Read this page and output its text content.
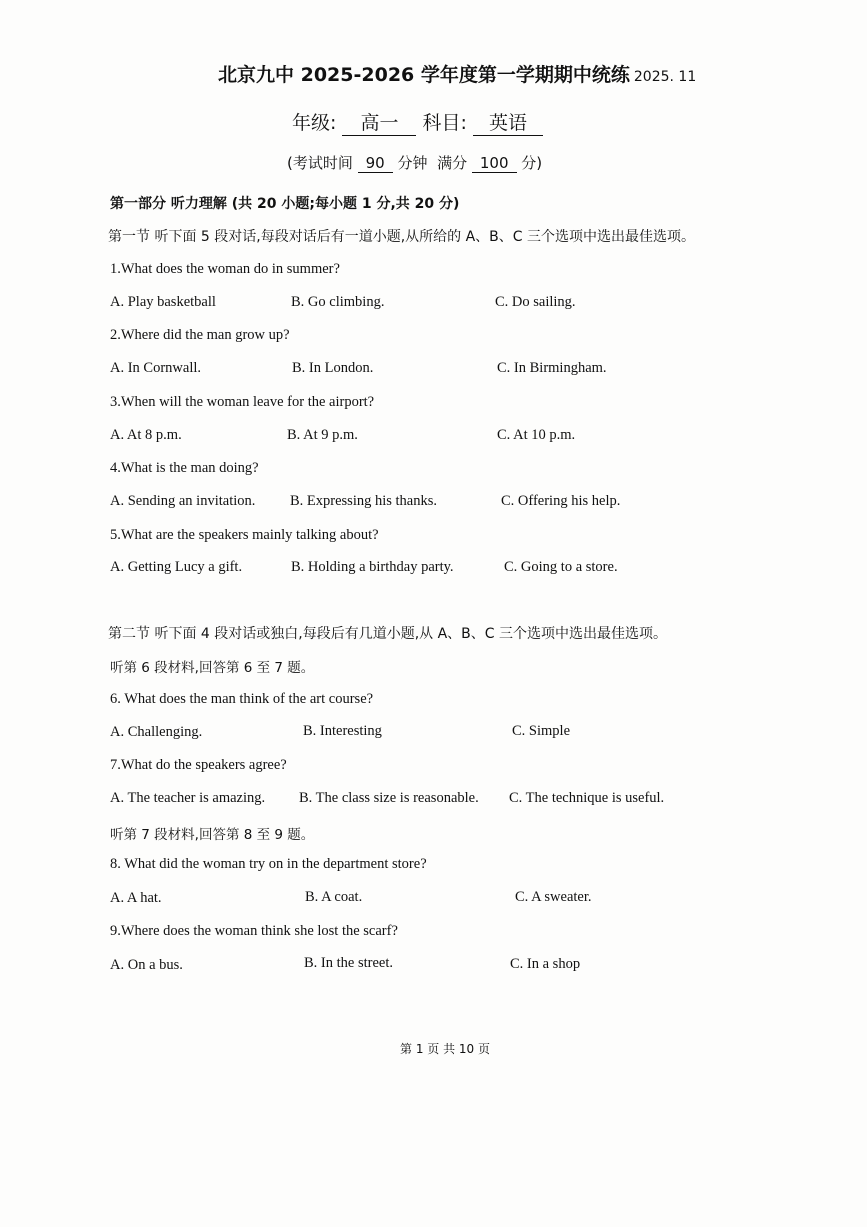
北京九中 2025-2026 学年度第一学期期中统练 2025. 11
年级: 高一 科目: 英语
(考试时间 90 分钟 满分 100 分)
第一部分 听力理解 (共 20 小题;每小题 1 分,共 20 分)
第一节 听下面 5 段对话,每段对话后有一道小题,从所给的 A、B、C 三个选项中选出最佳选项。
1.What does the woman do in summer?
A. Play basketball	B. Go climbing.	C. Do sailing.
2.Where did the man grow up?
A. In Cornwall.	B. In London.	C. In Birmingham.
3.When will the woman leave for the airport?
A. At 8 p.m.	B. At 9 p.m.	C. At 10 p.m.
4.What is the man doing?
A. Sending an invitation. B. Expressing his thanks.	C. Offering his help.
5.What are the speakers mainly talking about?
A. Getting Lucy a gift.	B. Holding a birthday party.	C. Going to a store.
第二节 听下面 4 段对话或独白,每段后有几道小题,从 A、B、C 三个选项中选出最佳选项。
听第 6 段材料,回答第 6 至 7 题。
6. What does the man think of the art course?
A. Challenging.	B. Interesting	C. Simple
7.What do the speakers agree?
A. The teacher is amazing. B. The class size is reasonable. C. The technique is useful.
听第 7 段材料,回答第 8 至 9 题。
8. What did the woman try on in the department store?
A. A hat.	B. A coat.	C. A sweater.
9.Where does the woman think she lost the scarf?
A. On a bus.	B. In the street.	C. In a shop
第 1 页 共 10 页
